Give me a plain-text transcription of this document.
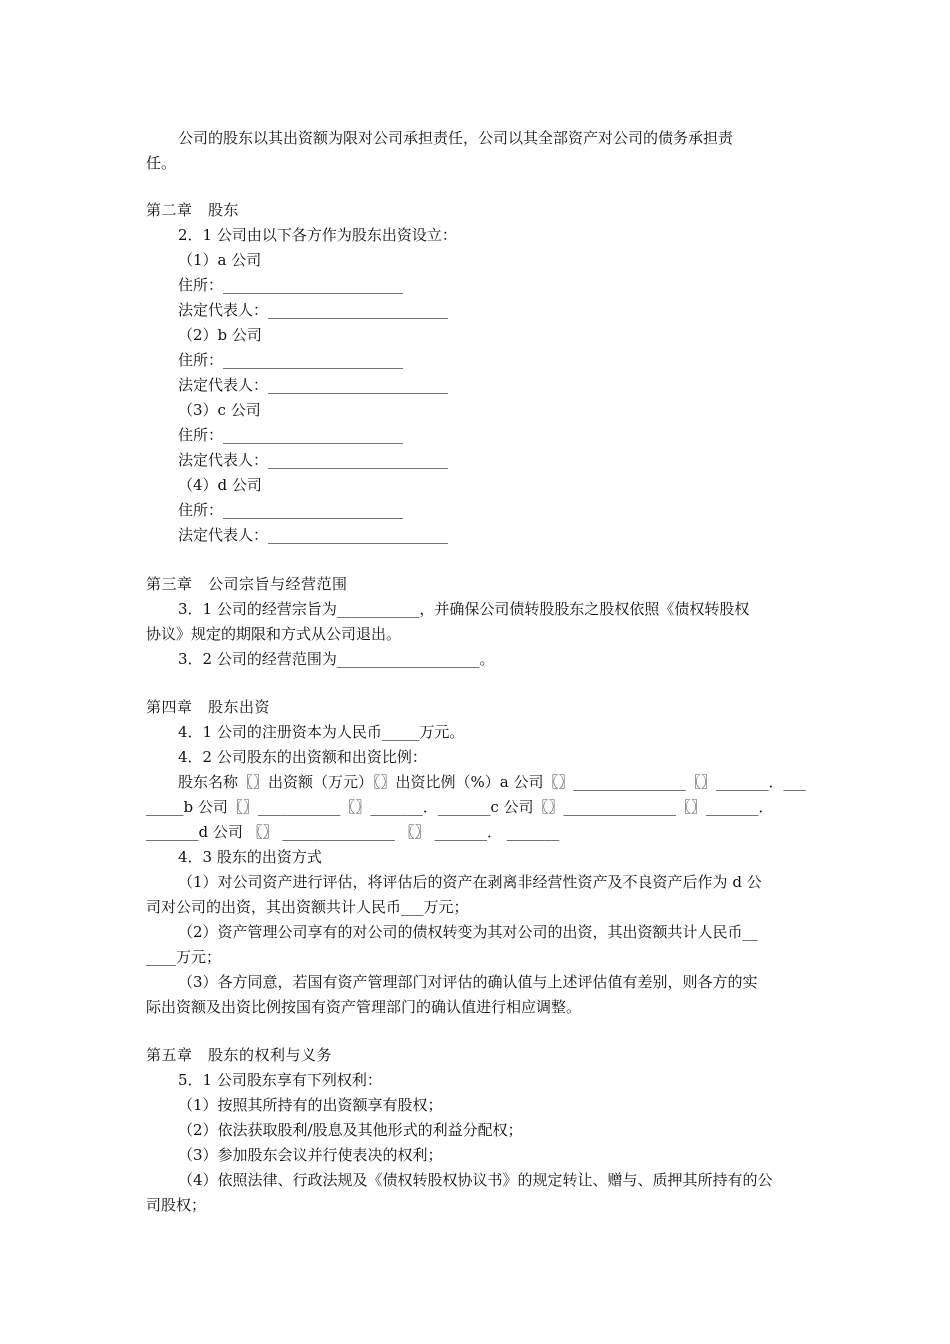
公司的股东以其出资额为限对公司承担责任，公司以其全部资产对公司的债务承担责
任。
第二章　股东
2．1 公司由以下各方作为股东出资设立：
（1）a 公司
住所：________________________
法定代表人：________________________
（2）b 公司
住所：________________________
法定代表人：________________________
（3）c 公司
住所：________________________
法定代表人：________________________
（4）d 公司
住所：________________________
法定代表人：________________________
第三章　公司宗旨与经营范围
3．1 公司的经营宗旨为___________，并确保公司债转股股东之股权依照《债权转股权
协议》规定的期限和方式从公司退出。
3．2 公司的经营范围为___________________。
第四章　股东出资
4．1 公司的注册资本为人民币_____万元。
4．2 公司股东的出资额和出资比例：
股东名称〖〗出资额（万元）〖〗出资比例（%）a 公司〖〗_______________〖〗_______．___
_____b 公司〖〗___________〖〗_______．_______c 公司〖〗_______________〖〗_______．
_______d 公司 〖〗 _______________ 〖〗 _______． _______
4．3 股东的出资方式
（1）对公司资产进行评估，将评估后的资产在剥离非经营性资产及不良资产后作为 d 公
司对公司的出资，其出资额共计人民币___万元；
（2）资产管理公司享有的对公司的债权转变为其对公司的出资，其出资额共计人民币__
____万元；
（3）各方同意，若国有资产管理部门对评估的确认值与上述评估值有差别，则各方的实
际出资额及出资比例按国有资产管理部门的确认值进行相应调整。
第五章　股东的权利与义务
5．1 公司股东享有下列权利：
（1）按照其所持有的出资额享有股权；
（2）依法获取股利/股息及其他形式的利益分配权；
（3）参加股东会议并行使表决的权利；
（4）依照法律、行政法规及《债权转股权协议书》的规定转让、赠与、质押其所持有的公
司股权；
